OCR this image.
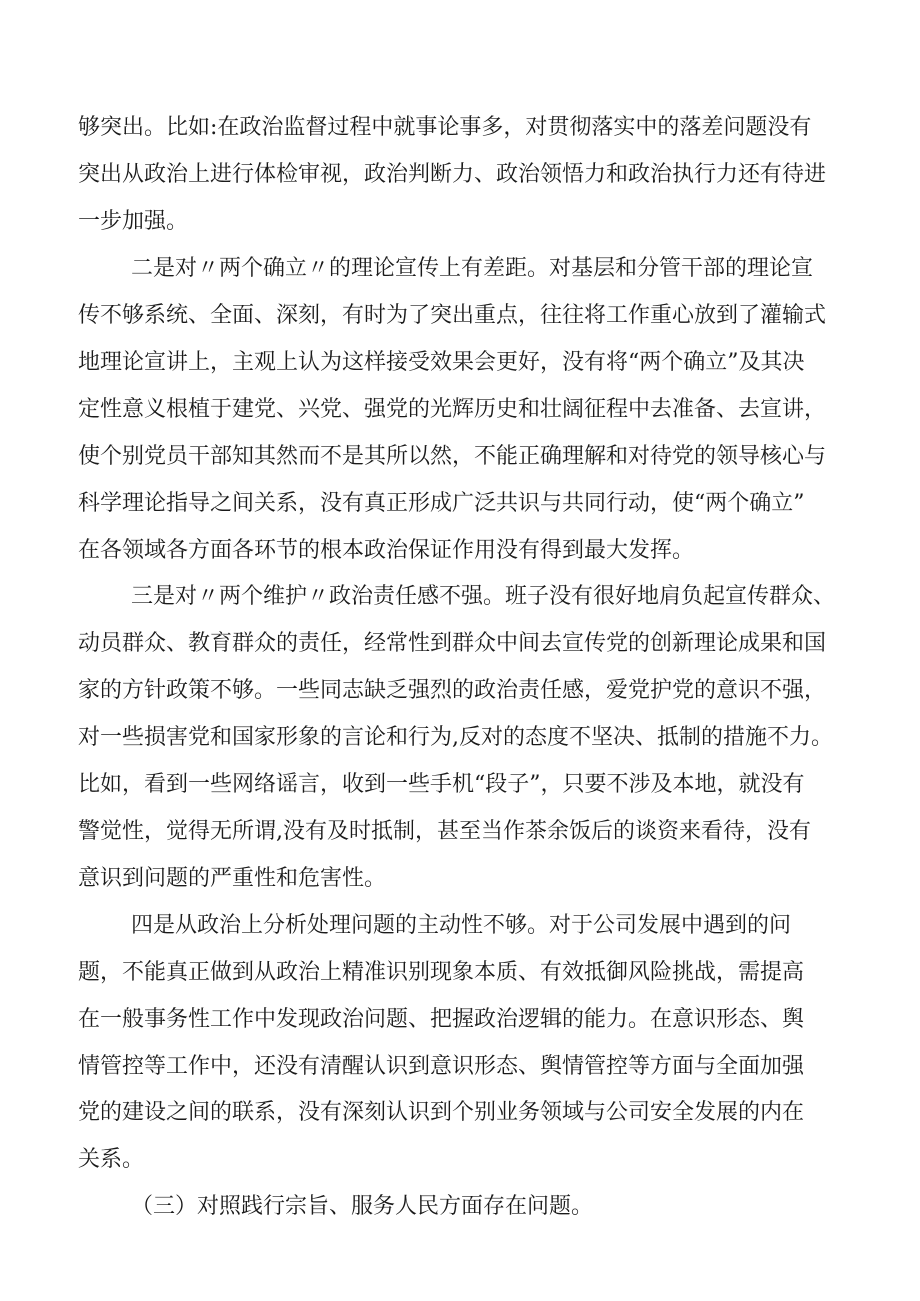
够突出。比如:在政治监督过程中就事论事多，对贯彻落实中的落差问题没有

突出从政治上进行体检审视，政治判断力、政治领悟力和政治执行力还有待进

一步加强。

二是对〃两个确立〃的理论宣传上有差距。对基层和分管干部的理论宣

传不够系统、全面、深刻，有时为了突出重点，往往将工作重心放到了灌输式

地理论宣讲上，主观上认为这样接受效果会更好，没有将“两个确立”及其决

定性意义根植于建党、兴党、强党的光辉历史和壮阔征程中去准备、去宣讲，

使个别党员干部知其然而不是其所以然，不能正确理解和对待党的领导核心与

科学理论指导之间关系，没有真正形成广泛共识与共同行动，使“两个确立”

在各领域各方面各环节的根本政治保证作用没有得到最大发挥。

三是对〃两个维护〃政治责任感不强。班子没有很好地肩负起宣传群众、

动员群众、教育群众的责任，经常性到群众中间去宣传党的创新理论成果和国

家的方针政策不够。一些同志缺乏强烈的政治责任感，爱党护党的意识不强，

对一些损害党和国家形象的言论和行为,反对的态度不坚决、抵制的措施不力。

比如，看到一些网络谣言，收到一些手机“段子”，只要不涉及本地，就没有

警觉性，觉得无所谓,没有及时抵制，甚至当作茶余饭后的谈资来看待，没有

意识到问题的严重性和危害性。

四是从政治上分析处理问题的主动性不够。对于公司发展中遇到的问

题，不能真正做到从政治上精准识别现象本质、有效抵御风险挑战，需提高

在一般事务性工作中发现政治问题、把握政治逻辑的能力。在意识形态、舆

情管控等工作中，还没有清醒认识到意识形态、舆情管控等方面与全面加强

党的建设之间的联系，没有深刻认识到个别业务领域与公司安全发展的内在

关系。

（三）对照践行宗旨、服务人民方面存在问题。
